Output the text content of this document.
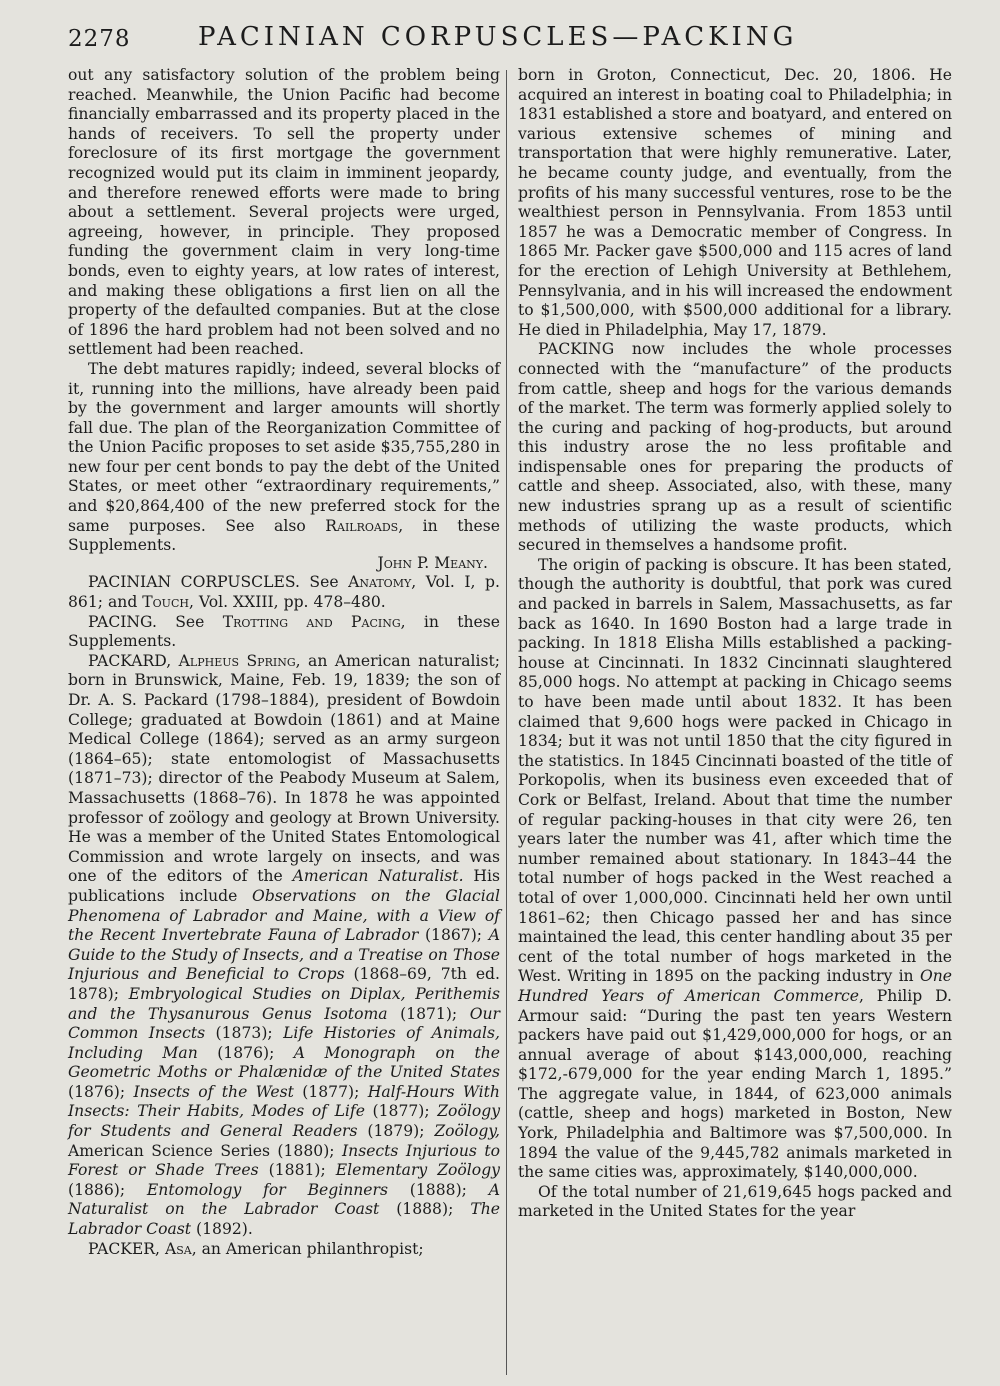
2278	PACINIAN CORPUSCLES—PACKING

out any satisfactory solution of the problem being reached. Meanwhile, the Union Pacific had become financially embarrassed and its property placed in the hands of receivers. To sell the property under foreclosure of its first mortgage the government recognized would put its claim in imminent jeopardy, and therefore renewed efforts were made to bring about a settlement. Several projects were urged, agreeing, however, in principle. They proposed funding the government claim in very long-time bonds, even to eighty years, at low rates of interest, and making these obligations a first lien on all the property of the defaulted companies. But at the close of 1896 the hard problem had not been solved and no settlement had been reached.

The debt matures rapidly; indeed, several blocks of it, running into the millions, have already been paid by the government and larger amounts will shortly fall due. The plan of the Reorganization Committee of the Union Pacific proposes to set aside $35,755,280 in new four per cent bonds to pay the debt of the United States, or meet other “extraordinary requirements,” and $20,864,400 of the new preferred stock for the same purposes. See also Railroads, in these Supplements.

John P. Meany.

PACINIAN CORPUSCLES. See Anatomy, Vol. I, p. 861; and Touch, Vol. XXIII, pp. 478–480.

PACING. See Trotting and Pacing, in these Supplements.

PACKARD, Alpheus Spring, an American naturalist; born in Brunswick, Maine, Feb. 19, 1839; the son of Dr. A. S. Packard (1798–1884), president of Bowdoin College; graduated at Bowdoin (1861) and at Maine Medical College (1864); served as an army surgeon (1864–65); state entomologist of Massachusetts (1871–73); director of the Peabody Museum at Salem, Massachusetts (1868–76). In 1878 he was appointed professor of zoölogy and geology at Brown University. He was a member of the United States Entomological Commission and wrote largely on insects, and was one of the editors of the American Naturalist. His publications include Observations on the Glacial Phenomena of Labrador and Maine, with a View of the Recent Invertebrate Fauna of Labrador (1867); A Guide to the Study of Insects, and a Treatise on Those Injurious and Beneficial to Crops (1868–69, 7th ed. 1878); Embryological Studies on Diplax, Perithemis and the Thysanurous Genus Isotoma (1871); Our Common Insects (1873); Life Histories of Animals, Including Man (1876); A Monograph on the Geometric Moths or Phalænidæ of the United States (1876); Insects of the West (1877); Half-Hours With Insects: Their Habits, Modes of Life (1877); Zoölogy for Students and General Readers (1879); Zoölogy, American Science Series (1880); Insects Injurious to Forest or Shade Trees (1881); Elementary Zoölogy (1886); Entomology for Beginners (1888); A Naturalist on the Labrador Coast (1888); The Labrador Coast (1892).

PACKER, Asa, an American philanthropist;

born in Groton, Connecticut, Dec. 20, 1806. He acquired an interest in boating coal to Philadelphia; in 1831 established a store and boatyard, and entered on various extensive schemes of mining and transportation that were highly remunerative. Later, he became county judge, and eventually, from the profits of his many successful ventures, rose to be the wealthiest person in Pennsylvania. From 1853 until 1857 he was a Democratic member of Congress. In 1865 Mr. Packer gave $500,000 and 115 acres of land for the erection of Lehigh University at Bethlehem, Pennsylvania, and in his will increased the endowment to $1,500,000, with $500,000 additional for a library. He died in Philadelphia, May 17, 1879.

PACKING now includes the whole processes connected with the “manufacture” of the products from cattle, sheep and hogs for the various demands of the market. The term was formerly applied solely to the curing and packing of hog-products, but around this industry arose the no less profitable and indispensable ones for preparing the products of cattle and sheep. Associated, also, with these, many new industries sprang up as a result of scientific methods of utilizing the waste products, which secured in themselves a handsome profit.

The origin of packing is obscure. It has been stated, though the authority is doubtful, that pork was cured and packed in barrels in Salem, Massachusetts, as far back as 1640. In 1690 Boston had a large trade in packing. In 1818 Elisha Mills established a packing-house at Cincinnati. In 1832 Cincinnati slaughtered 85,000 hogs. No attempt at packing in Chicago seems to have been made until about 1832. It has been claimed that 9,600 hogs were packed in Chicago in 1834; but it was not until 1850 that the city figured in the statistics. In 1845 Cincinnati boasted of the title of Porkopolis, when its business even exceeded that of Cork or Belfast, Ireland. About that time the number of regular packing-houses in that city were 26, ten years later the number was 41, after which time the number remained about stationary. In 1843–44 the total number of hogs packed in the West reached a total of over 1,000,000. Cincinnati held her own until 1861–62; then Chicago passed her and has since maintained the lead, this center handling about 35 per cent of the total number of hogs marketed in the West. Writing in 1895 on the packing industry in One Hundred Years of American Commerce, Philip D. Armour said: “During the past ten years Western packers have paid out $1,429,000,000 for hogs, or an annual average of about $143,000,000, reaching $172,-679,000 for the year ending March 1, 1895.” The aggregate value, in 1844, of 623,000 animals (cattle, sheep and hogs) marketed in Boston, New York, Philadelphia and Baltimore was $7,500,000. In 1894 the value of the 9,445,782 animals marketed in the same cities was, approximately, $140,000,000.

Of the total number of 21,619,645 hogs packed and marketed in the United States for the year
